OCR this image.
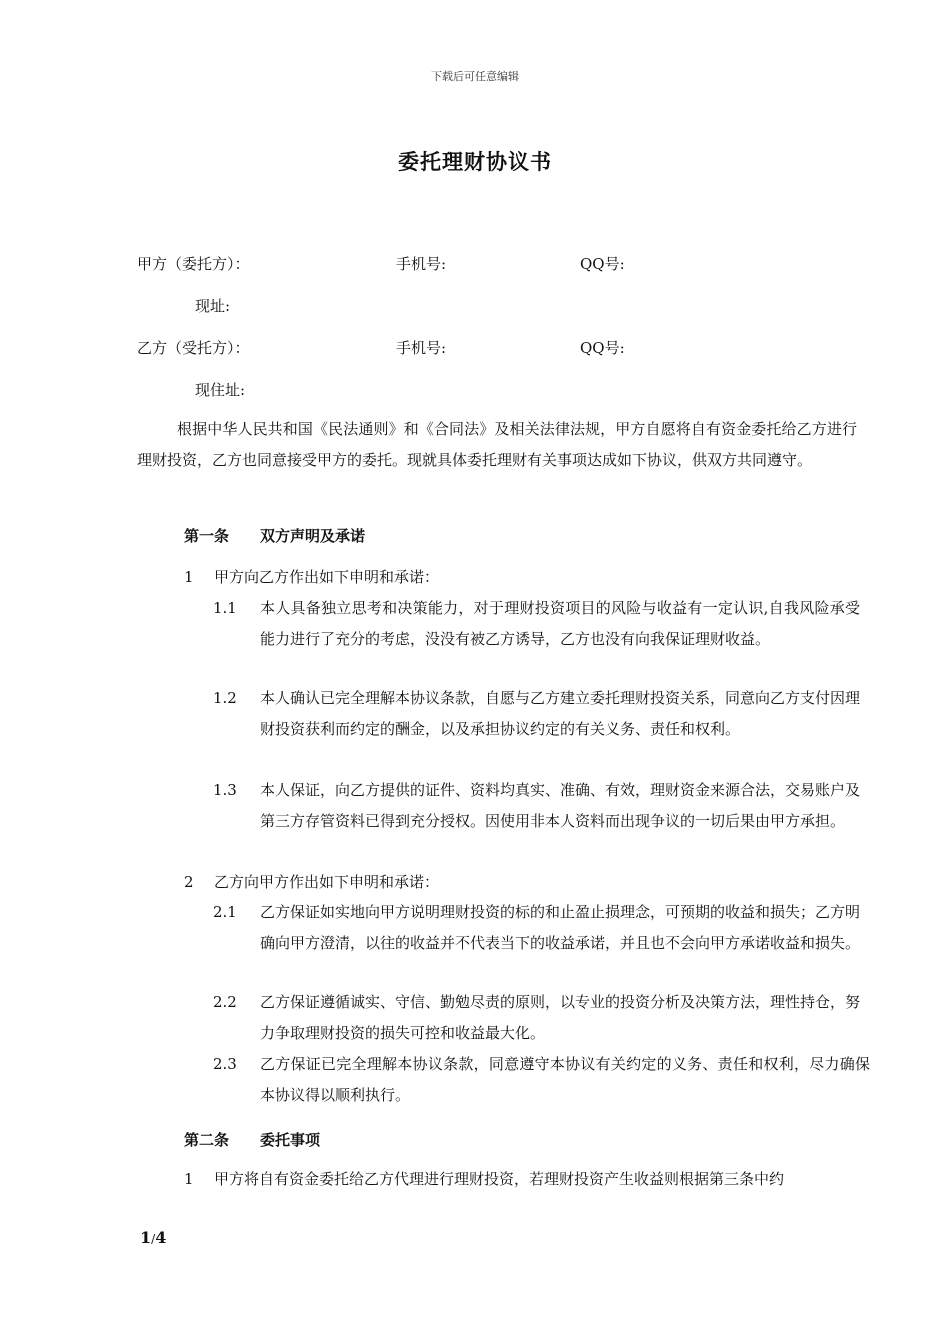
下载后可任意编辑
委托理财协议书
甲方（委托方）：	手机号:	QQ号:
现址:
乙方（受托方）：	手机号:	QQ号:
现住址:
根据中华人民共和国《民法通则》和《合同法》及相关法律法规，甲方自愿将自有资金委托给乙方进行理财投资，乙方也同意接受甲方的委托。现就具体委托理财有关事项达成如下协议，供双方共同遵守。
第一条 双方声明及承诺
1 甲方向乙方作出如下申明和承诺：
1.1 本人具备独立思考和决策能力，对于理财投资项目的风险与收益有一定认识,自我风险承受能力进行了充分的考虑，没没有被乙方诱导，乙方也没有向我保证理财收益。
1.2 本人确认已完全理解本协议条款，自愿与乙方建立委托理财投资关系，同意向乙方支付因理财投资获利而约定的酬金，以及承担协议约定的有关义务、责任和权利。
1.3 本人保证，向乙方提供的证件、资料均真实、准确、有效，理财资金来源合法，交易账户及第三方存管资料已得到充分授权。因使用非本人资料而出现争议的一切后果由甲方承担。
2 乙方向甲方作出如下申明和承诺：
2.1 乙方保证如实地向甲方说明理财投资的标的和止盈止损理念，可预期的收益和损失；乙方明确向甲方澄清，以往的收益并不代表当下的收益承诺，并且也不会向甲方承诺收益和损失。
2.2 乙方保证遵循诚实、守信、勤勉尽责的原则，以专业的投资分析及决策方法，理性持仓，努力争取理财投资的损失可控和收益最大化。
2.3 乙方保证已完全理解本协议条款，同意遵守本协议有关约定的义务、责任和权利，尽力确保本协议得以顺利执行。
第二条 委托事项
1 甲方将自有资金委托给乙方代理进行理财投资，若理财投资产生收益则根据第三条中约
1/4
